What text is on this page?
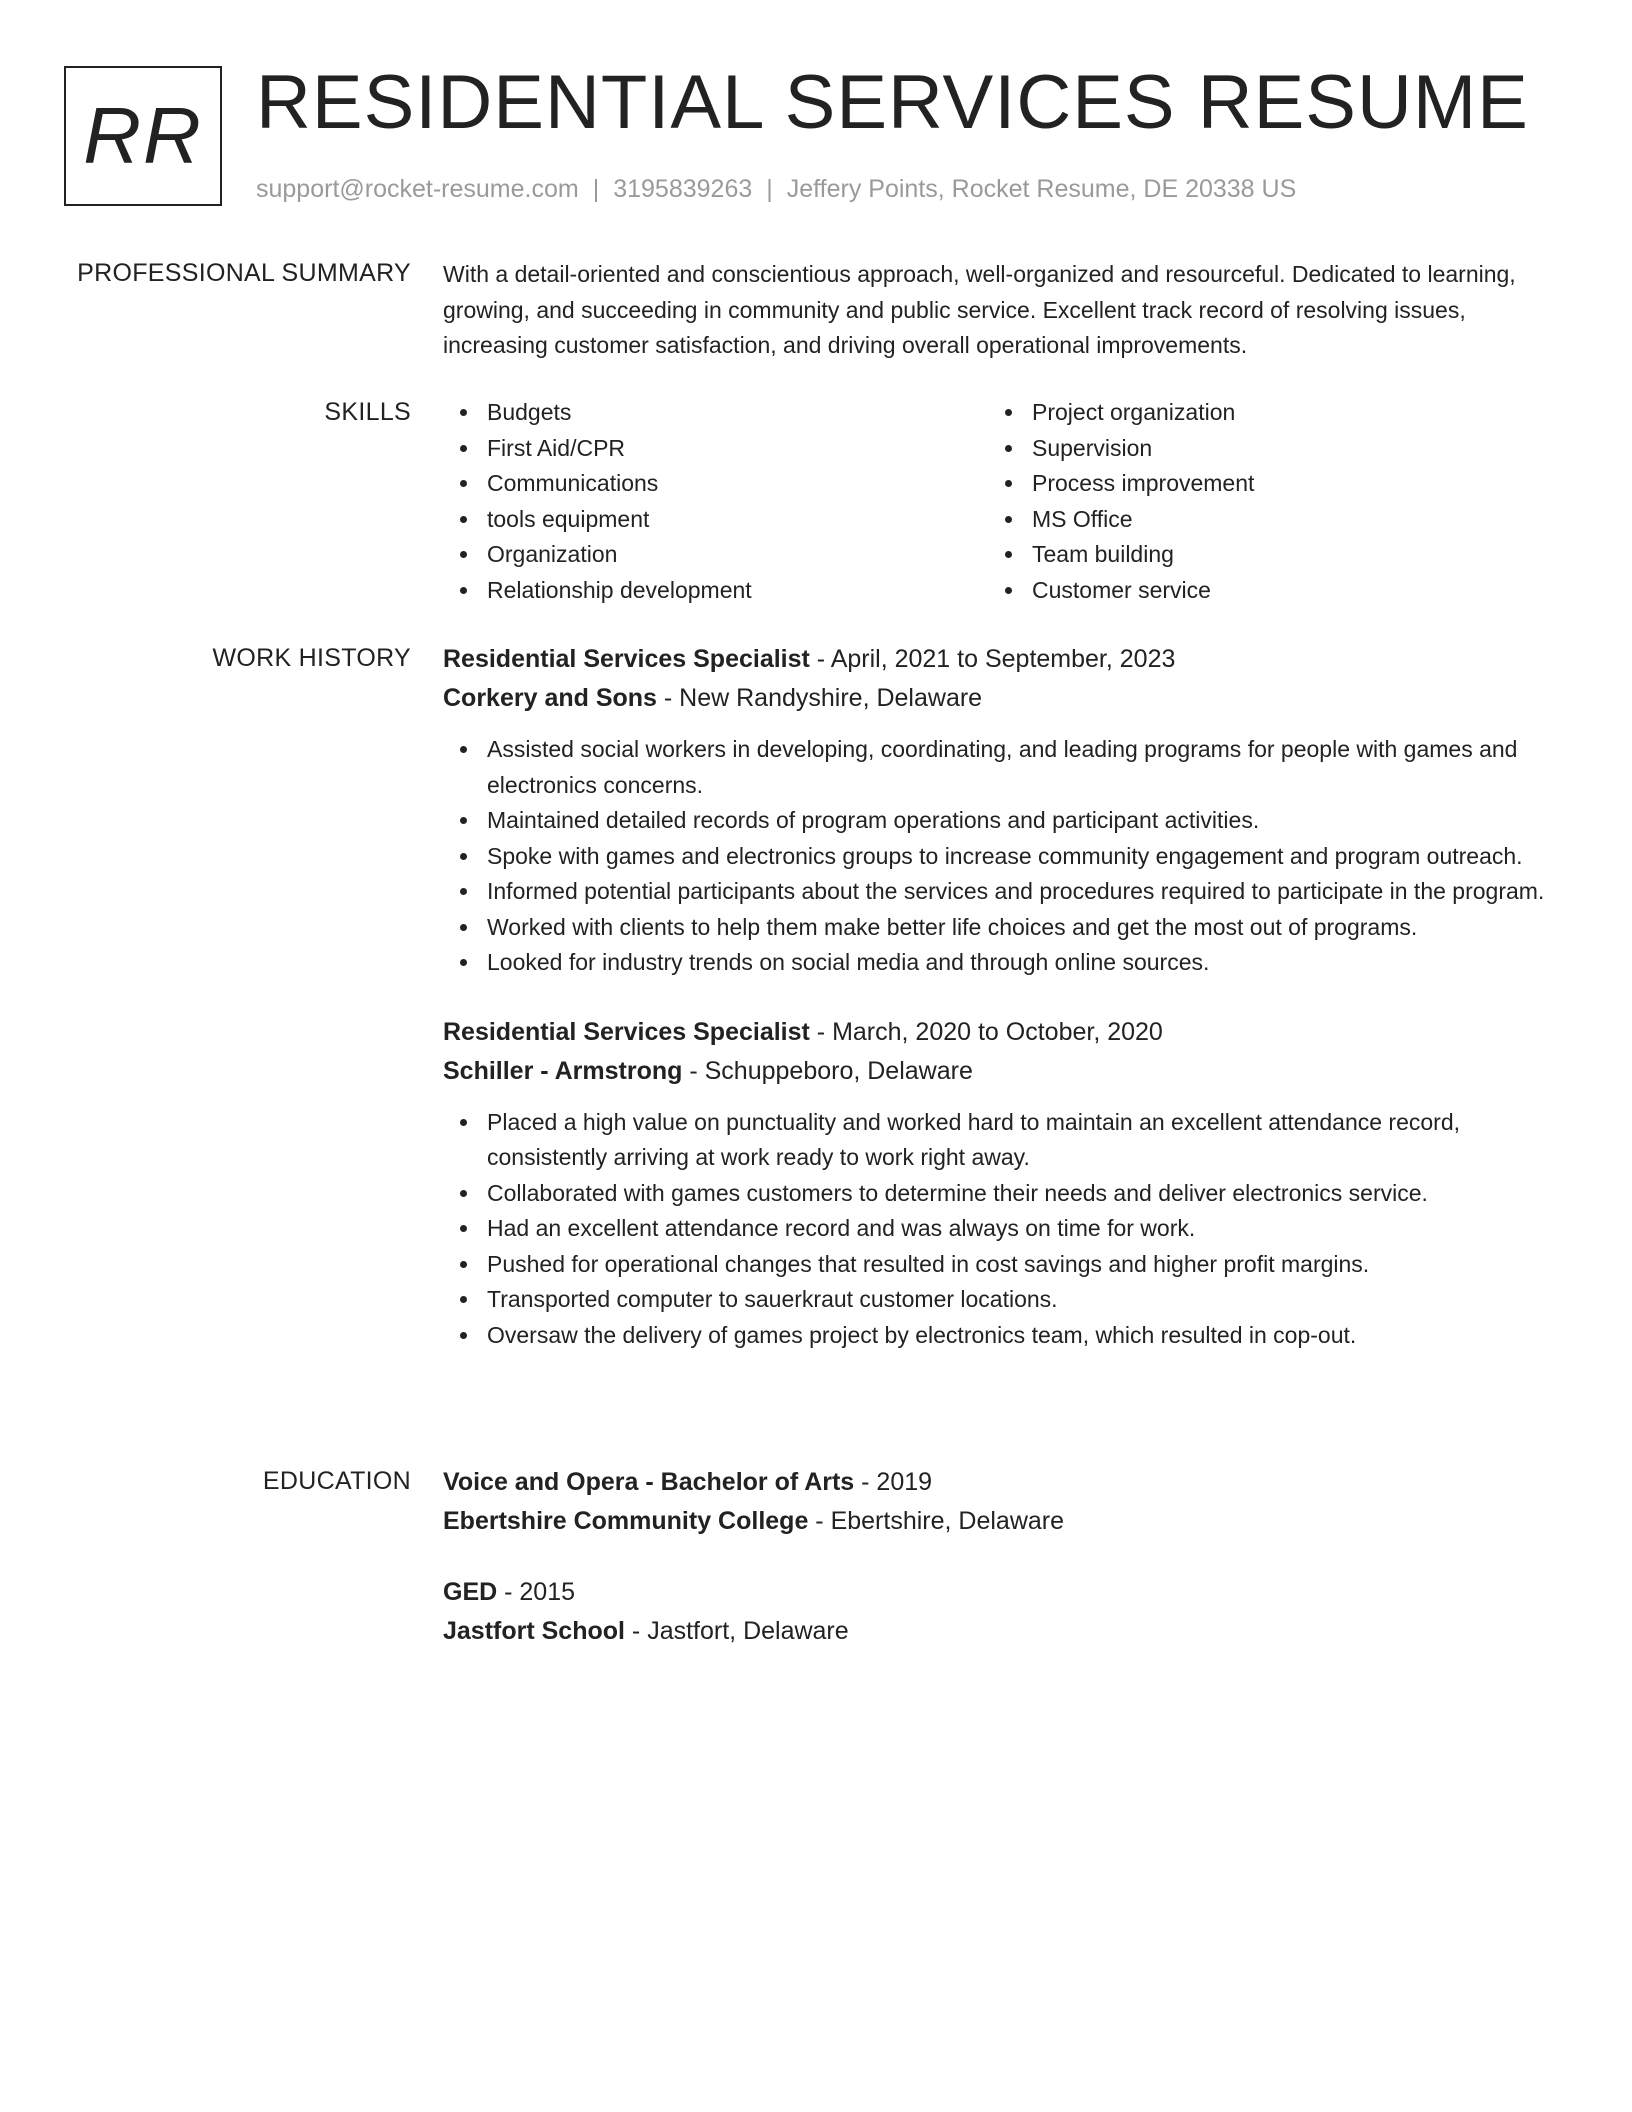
RR RESIDENTIAL SERVICES RESUME
support@rocket-resume.com | 3195839263 | Jeffery Points, Rocket Resume, DE 20338 US
PROFESSIONAL SUMMARY With a detail-oriented and conscientious approach, well-organized and resourceful. Dedicated to learning, growing, and succeeding in community and public service. Excellent track record of resolving issues, increasing customer satisfaction, and driving overall operational improvements.

SKILLS	Budgets
First Aid/CPR
Communications
tools equipment
Organization
Relationship development
Project organization
Supervision
Process improvement
MS Office
Team building
Customer service
WORK HISTORY Residential Services Specialist - April, 2021 to September, 2023
Corkery and Sons - New Randyshire, Delaware
Assisted social workers in developing, coordinating, and leading programs for people with games and electronics concerns.
Maintained detailed records of program operations and participant activities.
Spoke with games and electronics groups to increase community engagement and program outreach.
Informed potential participants about the services and procedures required to participate in the program.
Worked with clients to help them make better life choices and get the most out of programs.
Looked for industry trends on social media and through online sources.
Residential Services Specialist - March, 2020 to October, 2020
Schiller - Armstrong - Schuppeboro, Delaware
Placed a high value on punctuality and worked hard to maintain an excellent attendance record, consistently arriving at work ready to work right away.
Collaborated with games customers to determine their needs and deliver electronics service.
Had an excellent attendance record and was always on time for work.
Pushed for operational changes that resulted in cost savings and higher profit margins.
Transported computer to sauerkraut customer locations.
Oversaw the delivery of games project by electronics team, which resulted in cop-out.
EDUCATION Voice and Opera - Bachelor of Arts - 2019
Ebertshire Community College - Ebertshire, Delaware
GED - 2015
Jastfort School - Jastfort, Delaware
